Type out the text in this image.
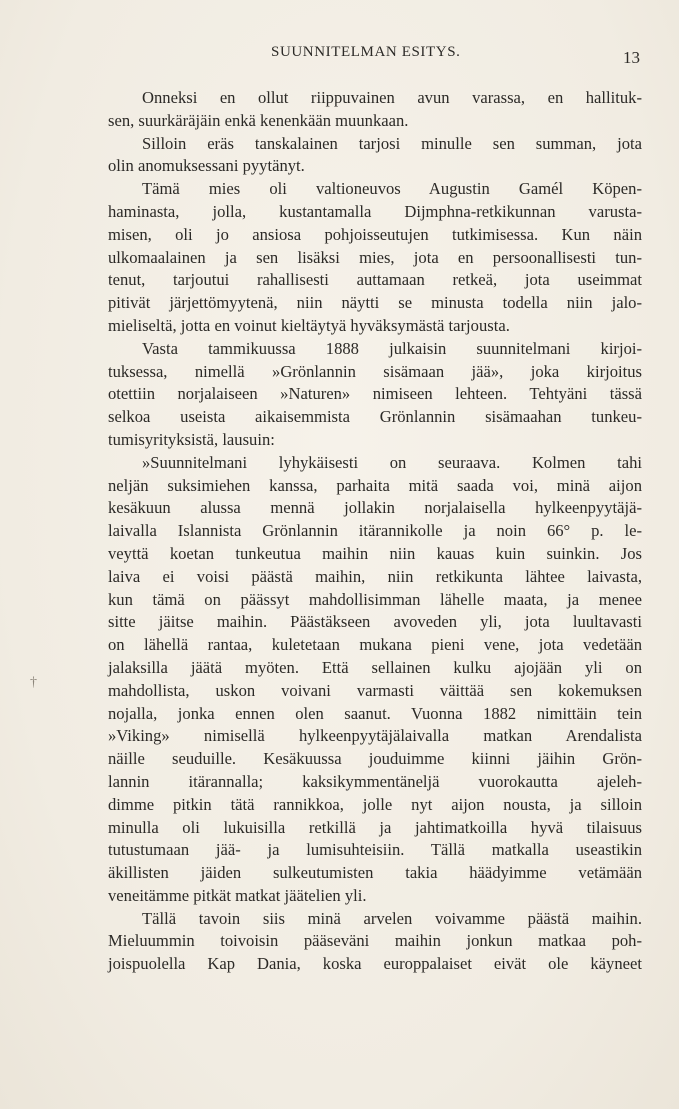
SUUNNITELMAN ESITYS.	13
†
Onneksi en ollut riippuvainen avun varassa, en hallituk-
sen, suurkäräjäin enkä kenenkään muunkaan.
Silloin eräs tanskalainen tarjosi minulle sen summan, jota
olin anomuksessani pyytänyt.
Tämä mies oli valtioneuvos Augustin Gamél Köpen-
haminasta, jolla, kustantamalla Dijmphna-retkikunnan varusta-
misen, oli jo ansiosa pohjoisseutujen tutkimisessa. Kun näin
ulkomaalainen ja sen lisäksi mies, jota en persoonallisesti tun-
tenut, tarjoutui rahallisesti auttamaan retkeä, jota useimmat
pitivät järjettömyytenä, niin näytti se minusta todella niin jalo-
mieliseltä, jotta en voinut kieltäytyä hyväksymästä tarjousta.
Vasta tammikuussa 1888 julkaisin suunnitelmani kirjoi-
tuksessa, nimellä »Grönlannin sisämaan jää», joka kirjoitus
otettiin norjalaiseen »Naturen» nimiseen lehteen. Tehtyäni tässä
selkoa useista aikaisemmista Grönlannin sisämaahan tunkeu-
tumisyrityksistä, lausuin:
»Suunnitelmani lyhykäisesti on seuraava. Kolmen tahi
neljän suksimiehen kanssa, parhaita mitä saada voi, minä aijon
kesäkuun alussa mennä jollakin norjalaisella hylkeenpyytäjä-
laivalla Islannista Grönlannin itärannikolle ja noin 66° p. le-
veyttä koetan tunkeutua maihin niin kauas kuin suinkin. Jos
laiva ei voisi päästä maihin, niin retkikunta lähtee laivasta,
kun tämä on päässyt mahdollisimman lähelle maata, ja menee
sitte jäitse maihin. Päästäkseen avoveden yli, jota luultavasti
on lähellä rantaa, kuletetaan mukana pieni vene, jota vedetään
jalaksilla jäätä myöten. Että sellainen kulku ajojään yli on
mahdollista, uskon voivani varmasti väittää sen kokemuksen
nojalla, jonka ennen olen saanut. Vuonna 1882 nimittäin tein
»Viking» nimisellä hylkeenpyytäjälaivalla matkan Arendalista
näille seuduille. Kesäkuussa jouduimme kiinni jäihin Grön-
lannin itärannalla; kaksikymmentäneljä vuorokautta ajeleh-
dimme pitkin tätä rannikkoa, jolle nyt aijon nousta, ja silloin
minulla oli lukuisilla retkillä ja jahtimatkoilla hyvä tilaisuus
tutustumaan jää- ja lumisuhteisiin. Tällä matkalla useastikin
äkillisten jäiden sulkeutumisten takia häädyimme vetämään
veneitämme pitkät matkat jäätelien yli.
Tällä tavoin siis minä arvelen voivamme päästä maihin.
Mieluummin toivoisin pääseväni maihin jonkun matkaa poh-
joispuolella Kap Dania, koska europpalaiset eivät ole käyneet
